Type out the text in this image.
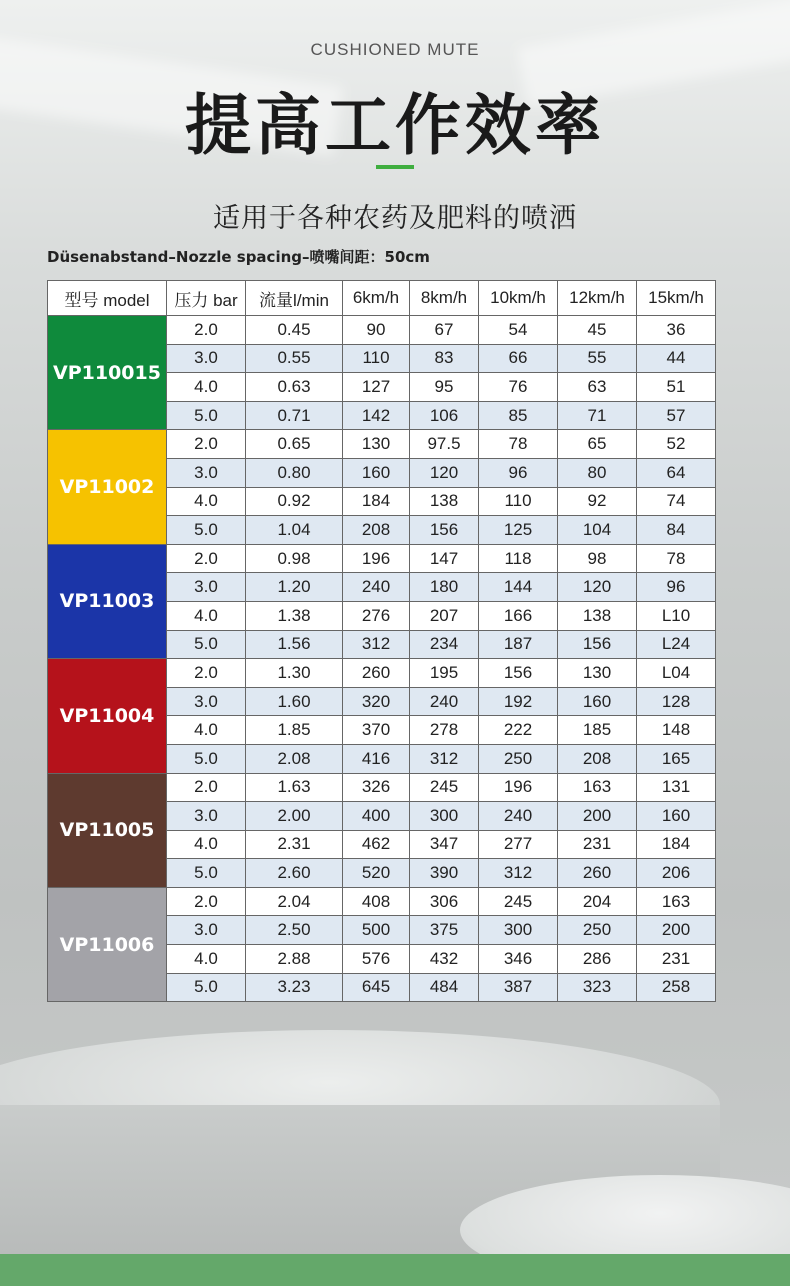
CUSHIONED MUTE
提高工作效率
适用于各种农药及肥料的喷洒
Düsenabstand–Nozzle spacing–喷嘴间距：50cm
型号 model	压力 bar	流量l/min	6km/h	8km/h	10km/h	12km/h	15km/h
VP110015	2.0	0.45	90	67	54	45	36
	3.0	0.55	110	83	66	55	44
	4.0	0.63	127	95	76	63	51
	5.0	0.71	142	106	85	71	57
VP11002	2.0	0.65	130	97.5	78	65	52
	3.0	0.80	160	120	96	80	64
	4.0	0.92	184	138	110	92	74
	5.0	1.04	208	156	125	104	84
VP11003	2.0	0.98	196	147	118	98	78
	3.0	1.20	240	180	144	120	96
	4.0	1.38	276	207	166	138	L10
	5.0	1.56	312	234	187	156	L24
VP11004	2.0	1.30	260	195	156	130	L04
	3.0	1.60	320	240	192	160	128
	4.0	1.85	370	278	222	185	148
	5.0	2.08	416	312	250	208	165
VP11005	2.0	1.63	326	245	196	163	131
	3.0	2.00	400	300	240	200	160
	4.0	2.31	462	347	277	231	184
	5.0	2.60	520	390	312	260	206
VP11006	2.0	2.04	408	306	245	204	163
	3.0	2.50	500	375	300	250	200
	4.0	2.88	576	432	346	286	231
	5.0	3.23	645	484	387	323	258
